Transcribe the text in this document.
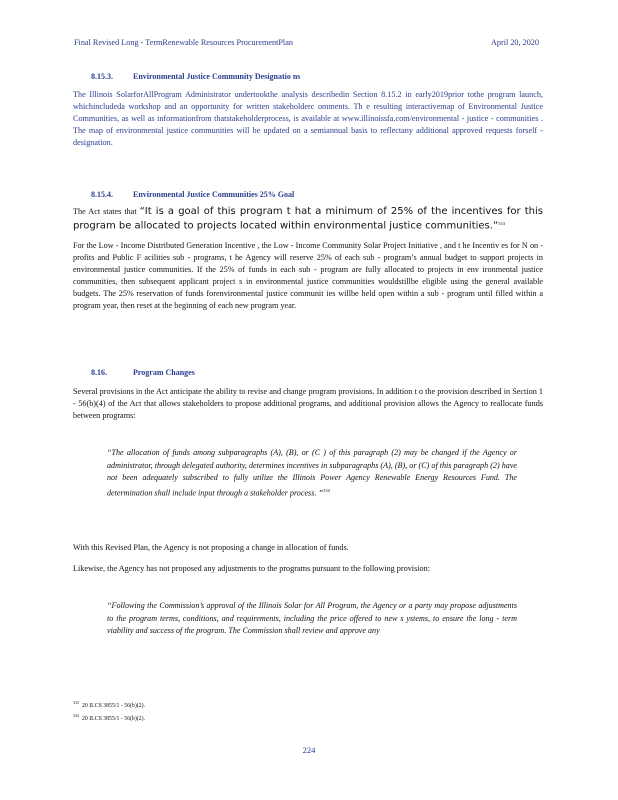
Final Revised Long - TermRenewable Resources ProcurementPlan	April 20, 2020
8.15.3.	Environmental Justice Community Designatio ns
The Illinois SolarforAllProgram Administrator undertookthe analysis describedin Section 8.15.2 in early2019prior tothe program launch, whichincludeda workshop and an opportunity for written stakeholderc omments. Th e resulting interactivemap of Environmental Justice Communities, as well as informationfrom thatstakeholderprocess, is available at www.illinoissfa.com/environmental - justice - communities . The map of environmental justice communities will be updated on a semiannual basis to reflectany additional approved requests forself - designation.
8.15.4.	Environmental Justice Communities 25% Goal
The Act states that “It is a goal of this program t hat a minimum of 25% of the incentives for this program be allocated to projects located within environmental justice communities.”$^{333}$
For the Low - Income Distributed Generation Incentive , the Low - Income Community Solar Project Initiative , and t he Incentiv es for N on - profits and Public F acilities sub - programs, t he Agency will reserve 25% of each sub - program’s annual budget to support projects in environmental justice communities. If the 25% of funds in each sub - program are fully allocated to projects in env ironmental justice communities, then subsequent applicant project s in environmental justice communities wouldstillbe eligible using the general available budgets. The 25% reservation of funds forenvironmental justice communit ies willbe held open within a sub - program until filled within a program year, then reset at the beginning of each new program year.
8.16.	Program Changes
Several provisions in the Act anticipate the ability to revise and change program provisions. In addition t o the provision described in Section 1 - 56(b)(4) of the Act that allows stakeholders to propose additional programs, and additional provision allows the Agency to reallocate funds between programs:
“The allocation of funds among subparagraphs (A), (B), or (C ) of this paragraph (2) may be changed if the Agency or administrator, through delegated authority, determines incentives in subparagraphs (A), (B), or (C) of this paragraph (2) have not been adequately subscribed to fully utilize the Illinois Power Agency Renewable Energy Resources Fund. The determination shall include input through a stakeholder process. ”$^{334}$
With this Revised Plan, the Agency is not proposing a change in allocation of funds.
Likewise, the Agency has not proposed any adjustments to the programs pursuant to the following provision:
“Following the Commission’s approval of the Illinois Solar for All Program, the Agency or a party may propose adjustments to the program terms, conditions, and requirements, including the price offered to new s ystems, to ensure the long - term viability and success of the program. The Commission shall review and approve any
$^{333}$20 ILCS 3855/1 - 56(b)(2).
$^{334}$20 ILCS 3855/1 - 56(b)(2).
224
